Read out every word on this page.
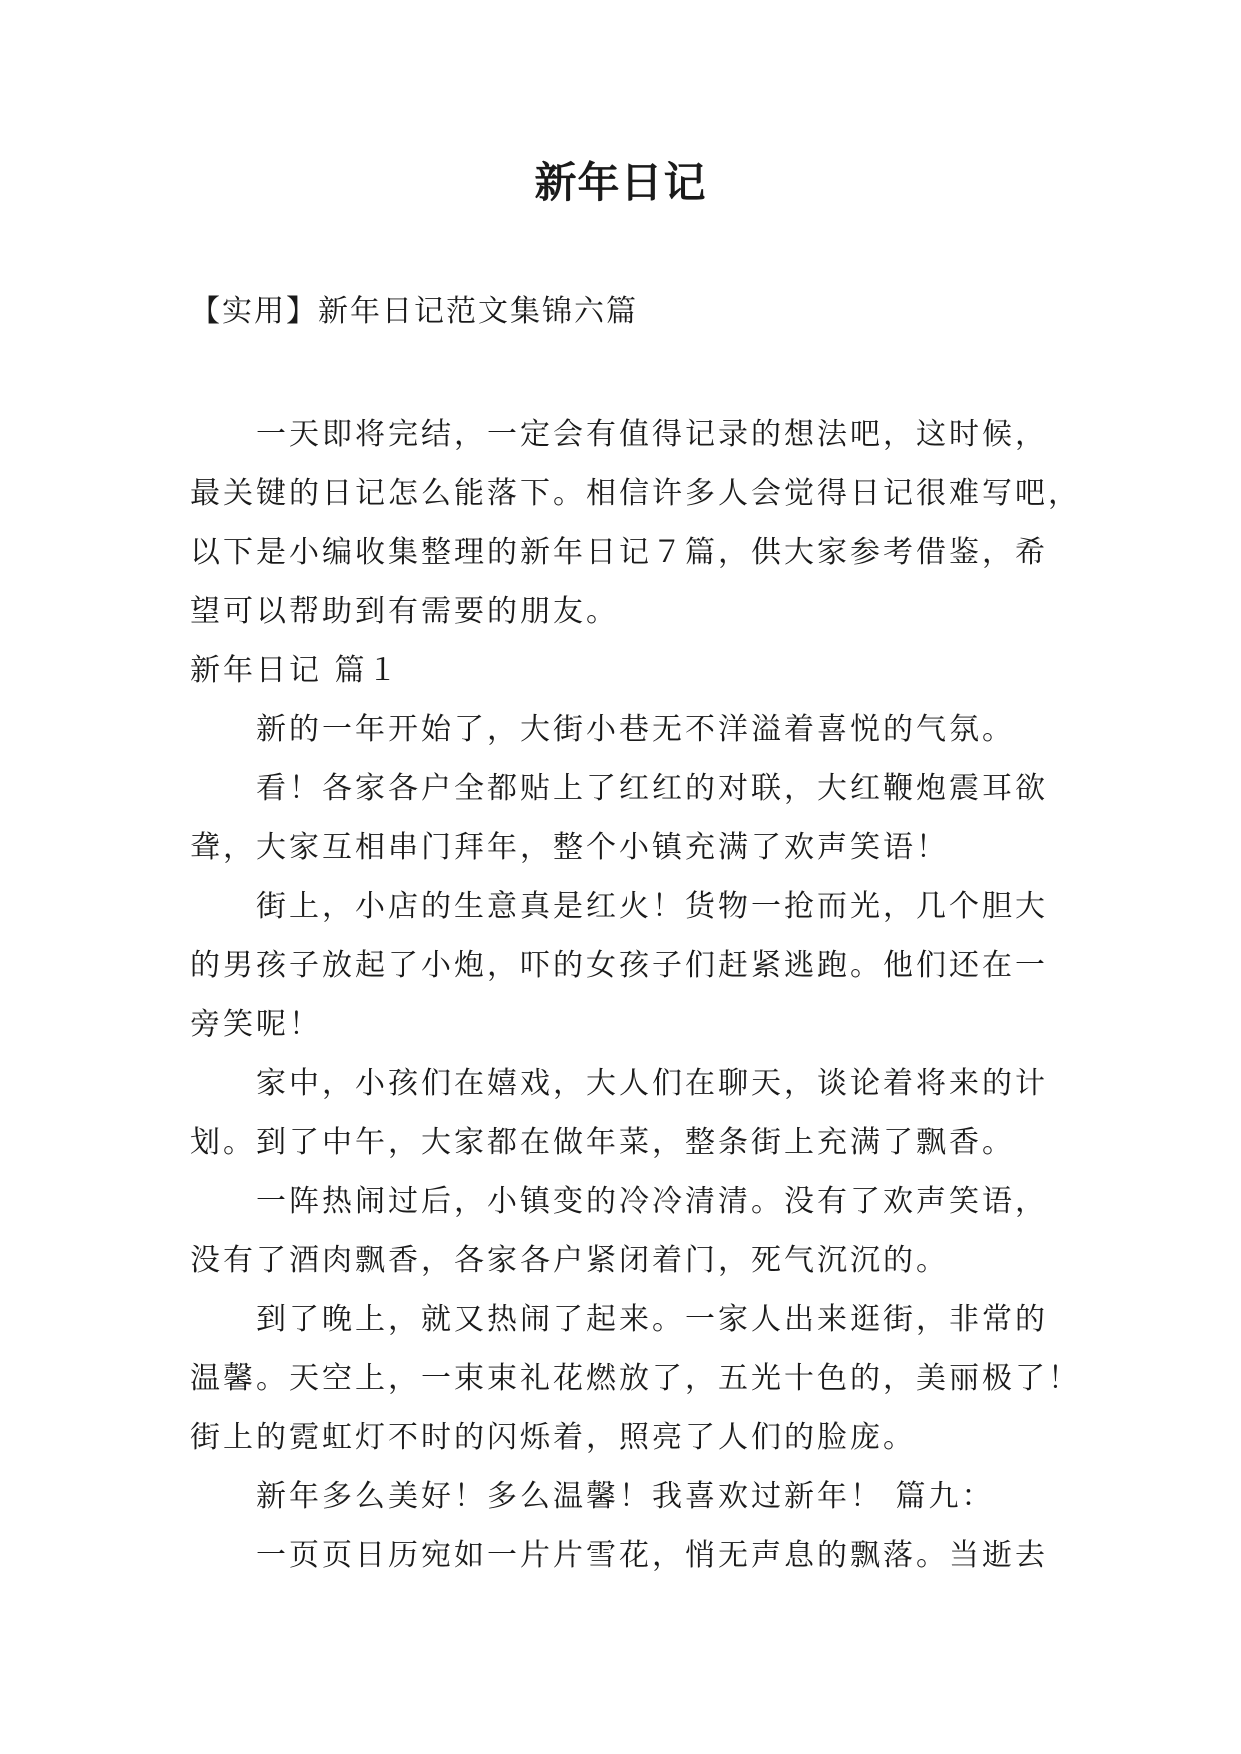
新年日记
【实用】新年日记范文集锦六篇
一天即将完结，一定会有值得记录的想法吧，这时候，
最关键的日记怎么能落下。相信许多人会觉得日记很难写吧，
以下是小编收集整理的新年日记７篇，供大家参考借鉴，希
望可以帮助到有需要的朋友。
新年日记 篇１
新的一年开始了，大街小巷无不洋溢着喜悦的气氛。
看！各家各户全都贴上了红红的对联，大红鞭炮震耳欲
聋，大家互相串门拜年，整个小镇充满了欢声笑语！
街上，小店的生意真是红火！货物一抢而光，几个胆大
的男孩子放起了小炮，吓的女孩子们赶紧逃跑。他们还在一
旁笑呢！
家中，小孩们在嬉戏，大人们在聊天，谈论着将来的计
划。到了中午，大家都在做年菜，整条街上充满了飘香。
一阵热闹过后，小镇变的冷冷清清。没有了欢声笑语，
没有了酒肉飘香，各家各户紧闭着门，死气沉沉的。
到了晚上，就又热闹了起来。一家人出来逛街，非常的
温馨。天空上，一束束礼花燃放了，五光十色的，美丽极了！
街上的霓虹灯不时的闪烁着，照亮了人们的脸庞。
新年多么美好！多么温馨！我喜欢过新年！ 篇九：
一页页日历宛如一片片雪花，悄无声息的飘落。当逝去
